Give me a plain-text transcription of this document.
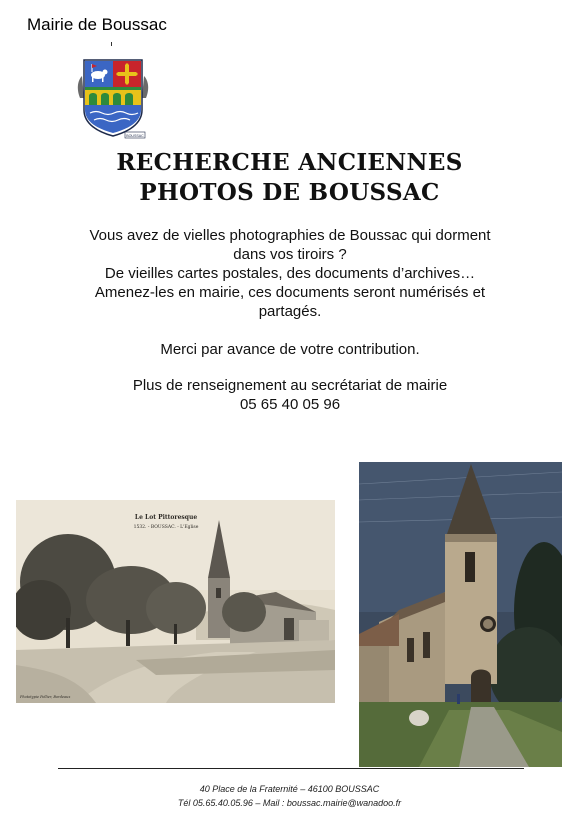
Mairie de Boussac
BOUSSAC
RECHERCHE ANCIENNES
PHOTOS DE BOUSSAC
Vous avez de vielles photographies de Boussac qui dorment
dans vos tiroirs ?
De vieilles cartes postales, des documents d’archives…
Amenez-les en mairie, ces documents seront numérisés et
partagés.
Merci par avance de votre contribution.
Plus de renseignement au secrétariat de mairie
05 65 40 05 96
Le Lot Pittoresque
1532. - BOUSSAC. - L'Eglise
Phototypie Pellier, Bordeaux
40 Place de la Fraternité – 46100 BOUSSAC
Tél 05.65.40.05.96 – Mail : boussac.mairie@wanadoo.fr
